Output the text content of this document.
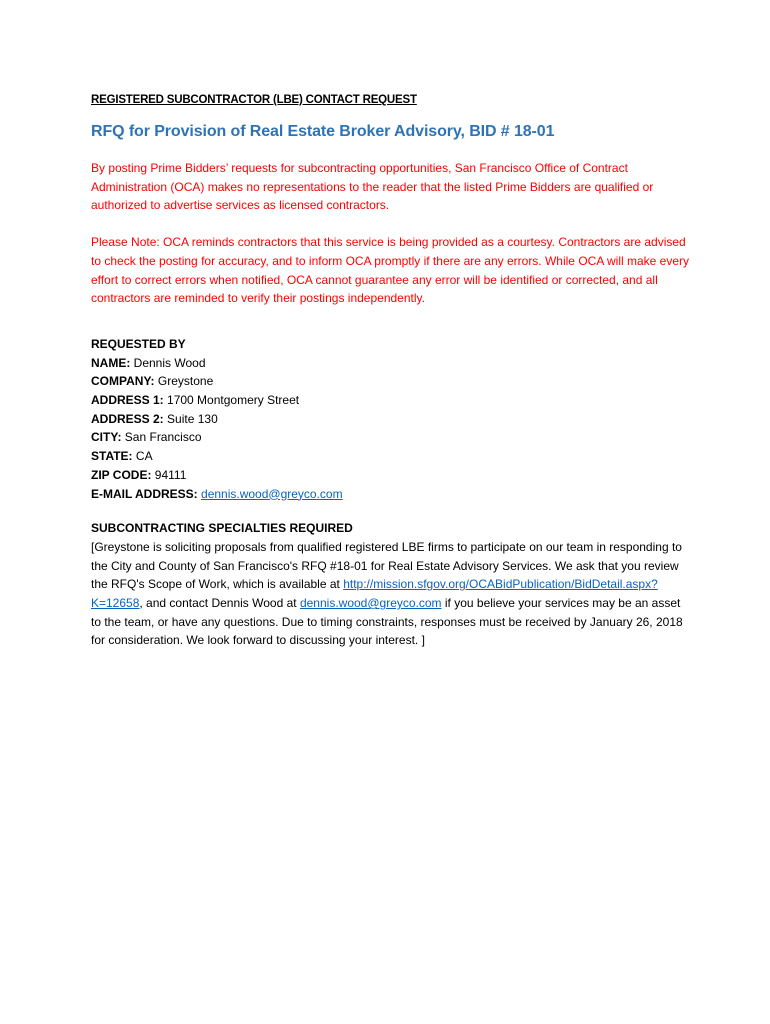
REGISTERED SUBCONTRACTOR (LBE) CONTACT REQUEST
RFQ for Provision of Real Estate Broker Advisory, BID # 18-01

By posting Prime Bidders’ requests for subcontracting opportunities, San Francisco Office of Contract Administration (OCA) makes no representations to the reader that the listed Prime Bidders are qualified or authorized to advertise services as licensed contractors.

Please Note: OCA reminds contractors that this service is being provided as a courtesy. Contractors are advised to check the posting for accuracy, and to inform OCA promptly if there are any errors. While OCA will make every effort to correct errors when notified, OCA cannot guarantee any error will be identified or corrected, and all contractors are reminded to verify their postings independently.

REQUESTED BY
NAME: Dennis Wood
COMPANY: Greystone
ADDRESS 1: 1700 Montgomery Street
ADDRESS 2: Suite 130
CITY: San Francisco
STATE: CA
ZIP CODE: 94111
E-MAIL ADDRESS: dennis.wood@greyco.com
SUBCONTRACTING SPECIALTIES REQUIRED

[Greystone is soliciting proposals from qualified registered LBE firms to participate on our team in responding to the City and County of San Francisco's RFQ #18-01 for Real Estate Advisory Services. We ask that you review the RFQ's Scope of Work, which is available at http://mission.sfgov.org/OCABidPublication/BidDetail.aspx?K=12658, and contact Dennis Wood at dennis.wood@greyco.com if you believe your services may be an asset to the team, or have any questions. Due to timing constraints, responses must be received by January 26, 2018 for consideration. We look forward to discussing your interest. ]
